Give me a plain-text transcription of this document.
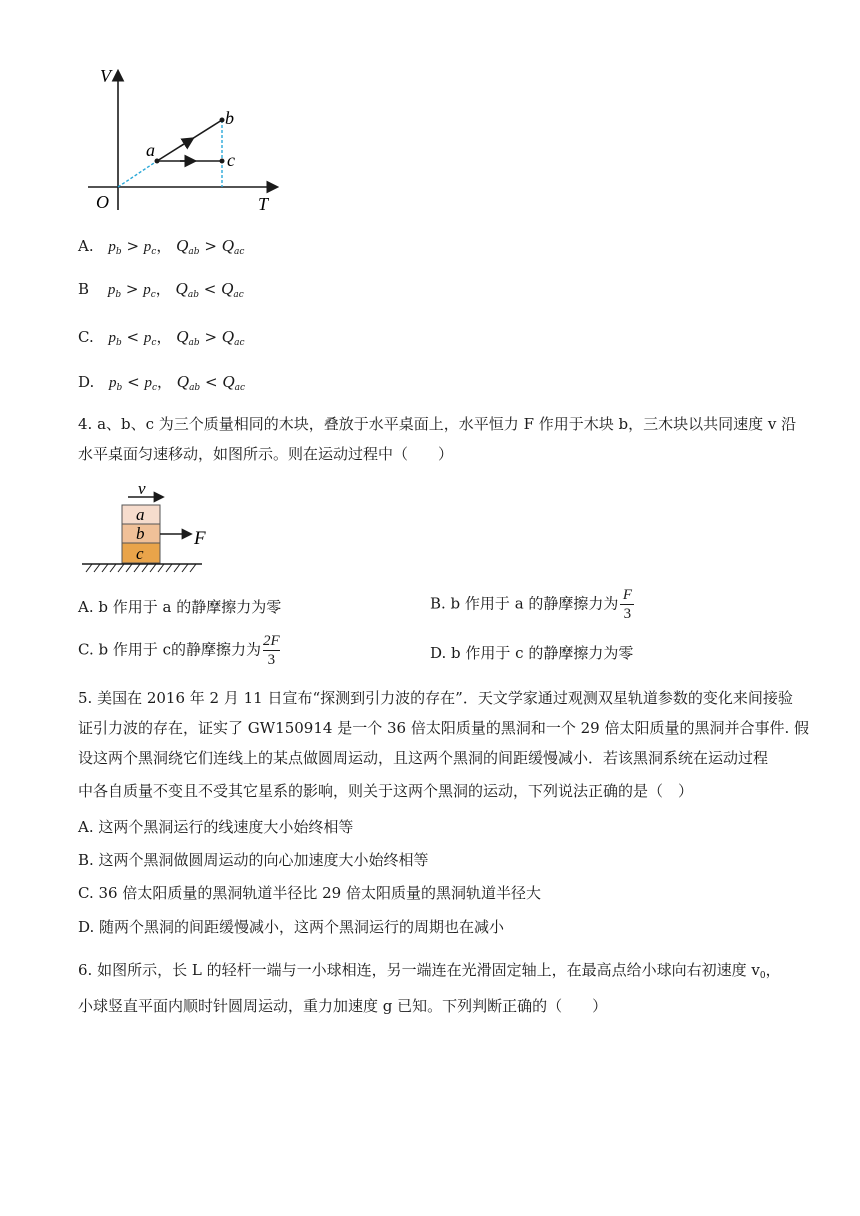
V
T
O
a
b
c
A. $p_b > p_c$， $Q_{ab} > Q_{ac}$
B $p_b > p_c$， $Q_{ab} < Q_{ac}$
C. $p_b < p_c$， $Q_{ab} > Q_{ac}$
D. $p_b < p_c$， $Q_{ab} < Q_{ac}$
4. a、b、c 为三个质量相同的木块，叠放于水平桌面上，水平恒力 F 作用于木块 b，三木块以共同速度 v 沿
水平桌面匀速移动，如图所示。则在运动过程中（　　）
v
a
b
c
F
A. b 作用于 a 的静摩擦力为零	B. b 作用于 a 的静摩擦力为 $\frac{F}{3}$
C. b 作用于 c的静摩擦力为 $\frac{2F}{3}$	D. b 作用于 c 的静摩擦力为零
5. 美国在 2016 年 2 月 11 日宣布“探测到引力波的存在”．天文学家通过观测双星轨道参数的变化来间接验
证引力波的存在，证实了 GW150914 是一个 36 倍太阳质量的黑洞和一个 29 倍太阳质量的黑洞并合事件. 假
设这两个黑洞绕它们连线上的某点做圆周运动，且这两个黑洞的间距缓慢减小．若该黑洞系统在运动过程
中各自质量不变且不受其它星系的影响，则关于这两个黑洞的运动，下列说法正确的是（　）
A. 这两个黑洞运行的线速度大小始终相等
B. 这两个黑洞做圆周运动的向心加速度大小始终相等
C. 36 倍太阳质量的黑洞轨道半径比 29 倍太阳质量的黑洞轨道半径大
D. 随两个黑洞的间距缓慢减小，这两个黑洞运行的周期也在减小
6. 如图所示，长 L 的轻杆一端与一小球相连，另一端连在光滑固定轴上，在最高点给小球向右初速度 $v_0$，
小球竖直平面内顺时针圆周运动，重力加速度 g 已知。下列判断正确的（　　）
